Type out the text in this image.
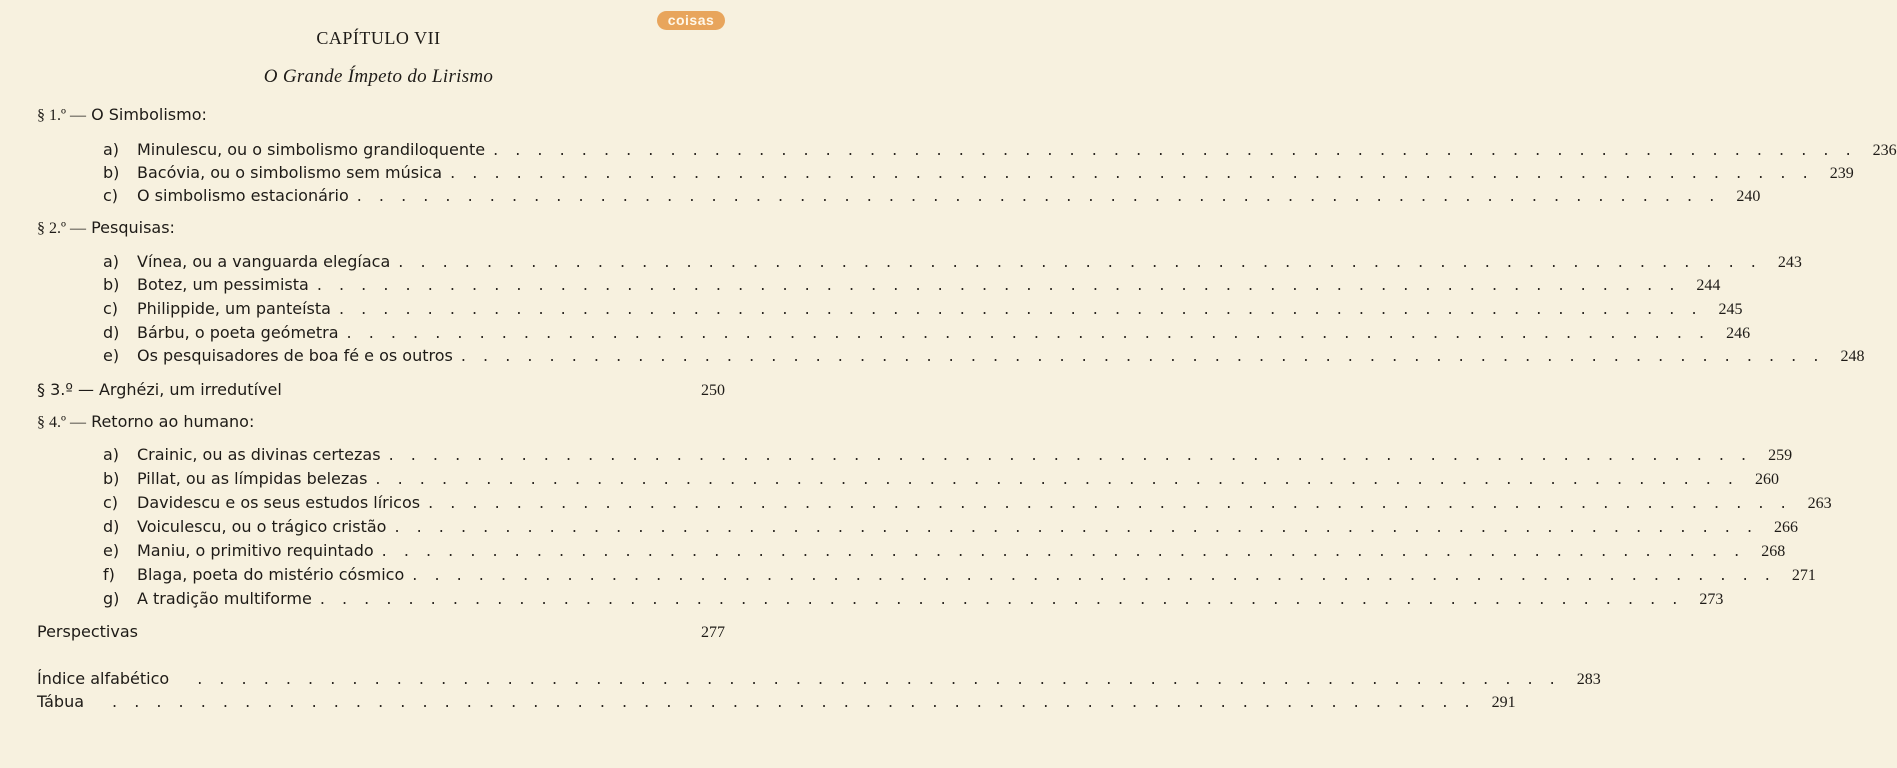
coisas
CAPÍTULO VII
O Grande Ímpeto do Lirismo
§ 1.º — O Simbolismo:
a)	Minulescu, ou o simbolismo grandiloquente . . . . . . . . . . . . . . . . . . . . . . . . . . . . . . . . . . . . . . . . . . . . . . . . . . . . . . . . . . . . . .	236
b)	Bacóvia, ou o simbolismo sem música . . . . . . . . . . . . . . . . . . . . . . . . . . . . . . . . . . . . . . . . . . . . . . . . . . . . . . . . . . . . . .	239
c)	O simbolismo estacionário . . . . . . . . . . . . . . . . . . . . . . . . . . . . . . . . . . . . . . . . . . . . . . . . . . . . . . . . . . . . . .	240
§ 2.º — Pesquisas:
a)	Vínea, ou a vanguarda elegíaca . . . . . . . . . . . . . . . . . . . . . . . . . . . . . . . . . . . . . . . . . . . . . . . . . . . . . . . . . . . . . .	243
b)	Botez, um pessimista . . . . . . . . . . . . . . . . . . . . . . . . . . . . . . . . . . . . . . . . . . . . . . . . . . . . . . . . . . . . . .	244
c)	Philippide, um panteísta . . . . . . . . . . . . . . . . . . . . . . . . . . . . . . . . . . . . . . . . . . . . . . . . . . . . . . . . . . . . . .	245
d)	Bárbu, o poeta geómetra . . . . . . . . . . . . . . . . . . . . . . . . . . . . . . . . . . . . . . . . . . . . . . . . . . . . . . . . . . . . . .	246
e)	Os pesquisadores de boa fé e os outros . . . . . . . . . . . . . . . . . . . . . . . . . . . . . . . . . . . . . . . . . . . . . . . . . . . . . . . . . . . . . .	248
§ 3.º — Arghézi, um irredutível	250
§ 4.º — Retorno ao humano:
a)	Crainic, ou as divinas certezas . . . . . . . . . . . . . . . . . . . . . . . . . . . . . . . . . . . . . . . . . . . . . . . . . . . . . . . . . . . . . .	259
b)	Pillat, ou as límpidas belezas . . . . . . . . . . . . . . . . . . . . . . . . . . . . . . . . . . . . . . . . . . . . . . . . . . . . . . . . . . . . . .	260
c)	Davidescu e os seus estudos líricos . . . . . . . . . . . . . . . . . . . . . . . . . . . . . . . . . . . . . . . . . . . . . . . . . . . . . . . . . . . . . .	263
d)	Voiculescu, ou o trágico cristão . . . . . . . . . . . . . . . . . . . . . . . . . . . . . . . . . . . . . . . . . . . . . . . . . . . . . . . . . . . . . .	266
e)	Maniu, o primitivo requintado . . . . . . . . . . . . . . . . . . . . . . . . . . . . . . . . . . . . . . . . . . . . . . . . . . . . . . . . . . . . . .	268
f)	Blaga, poeta do mistério cósmico . . . . . . . . . . . . . . . . . . . . . . . . . . . . . . . . . . . . . . . . . . . . . . . . . . . . . . . . . . . . . .	271
g)	A tradição multiforme . . . . . . . . . . . . . . . . . . . . . . . . . . . . . . . . . . . . . . . . . . . . . . . . . . . . . . . . . . . . . .	273
Perspectivas	277
Índice alfabético	. . . . . . . . . . . . . . . . . . . . . . . . . . . . . . . . . . . . . . . . . . . . . . . . . . . . . . . . . . . . . .	283
Tábua	. . . . . . . . . . . . . . . . . . . . . . . . . . . . . . . . . . . . . . . . . . . . . . . . . . . . . . . . . . . . . .	291
